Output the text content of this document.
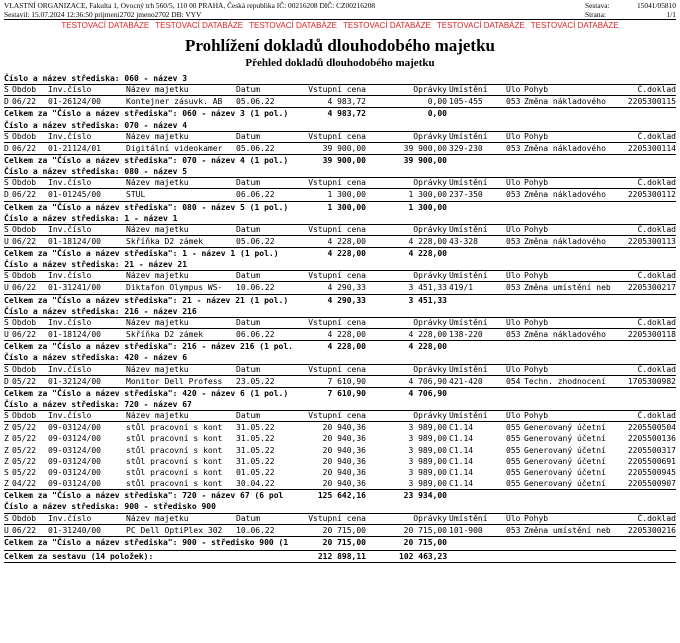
VLASTNÍ ORGANIZACE, Fakulta 1, Ovocný trh 560/5, 110 00 PRAHA, Česká republika IČ: 00216208 DIČ: CZ00216208
Sestavil: 15.07.2024 12:36:50 prijmeni2702 jmeno2702 DB: VYV
Sestava:	15041/05810
Strana:	1/1
TESTOVACÍ DATABÁZE TESTOVACÍ DATABÁZE TESTOVACÍ DATABÁZE TESTOVACÍ DATABÁZE TESTOVACÍ DATABÁZE TESTOVACÍ DATABÁZE
Prohlížení dokladů dlouhodobého majetku
Přehled dokladů dlouhodobého majetku
Číslo a název střediska: 060 - název 3
S Obdob	Inv.číslo	Název majetku	Datum	Vstupní cena	Oprávky Umístění	Úlo Pohyb	Č.doklad
D 06/22	01-26124/00	Kontejner zásuvk. AB	05.06.22	4 983,72	0,00 105-455	053 Změna nákladového	2205300115
Celkem za "Číslo a název střediska": 060 - název 3 (1 pol.)	4 983,72	0,00
Číslo a název střediska: 070 - název 4
S Obdob	Inv.číslo	Název majetku	Datum	Vstupní cena	Oprávky Umístění	Úlo Pohyb	Č.doklad
D 06/22	01-21124/01	Digitální videokamer	05.06.22	39 900,00	39 900,00 329-230	053 Změna nákladového	2205300114
Celkem za "Číslo a název střediska": 070 - název 4 (1 pol.)	39 900,00	39 900,00
Číslo a název střediska: 080 - název 5
S Obdob	Inv.číslo	Název majetku	Datum	Vstupní cena	Oprávky Umístění	Úlo Pohyb	Č.doklad
D 06/22	01-01245/00	STUL	06.06.22	1 300,00	1 300,00 237-350	053 Změna nákladového	2205300112
Celkem za "Číslo a název střediska": 080 - název 5 (1 pol.)	1 300,00	1 300,00
Číslo a název střediska: 1 - název 1
S Obdob	Inv.číslo	Název majetku	Datum	Vstupní cena	Oprávky Umístění	Úlo Pohyb	Č.doklad
U 06/22	01-18124/00	Skříňka D2 zámek	05.06.22	4 228,00	4 228,00 43-328	053 Změna nákladového	2205300113
Celkem za "Číslo a název střediska": 1 - název 1 (1 pol.)	4 228,00	4 228,00
Číslo a název střediska: 21 - název 21
S Obdob	Inv.číslo	Název majetku	Datum	Vstupní cena	Oprávky Umístění	Úlo Pohyb	Č.doklad
U 06/22	01-31241/00	Diktafon Olympus WS-	10.06.22	4 290,33	3 451,33 419/1	053 Změna umístění neb	2205300217
Celkem za "Číslo a název střediska": 21 - název 21 (1 pol.)	4 290,33	3 451,33
Číslo a název střediska: 216 - název 216
S Obdob	Inv.číslo	Název majetku	Datum	Vstupní cena	Oprávky Umístění	Úlo Pohyb	Č.doklad
U 06/22	01-18124/00	Skříňka D2 zámek	06.06.22	4 228,00	4 228,00 138-220	053 Změna nákladového	2205300118
Celkem za "Číslo a název střediska": 216 - název 216 (1 pol.	4 228,00	4 228,00
Číslo a název střediska: 420 - název 6
S Obdob	Inv.číslo	Název majetku	Datum	Vstupní cena	Oprávky Umístění	Úlo Pohyb	Č.doklad
D 05/22	01-32124/00	Monitor Dell Profess	23.05.22	7 610,90	4 706,90 421-420	054 Techn. zhodnocení	1705300982
Celkem za "Číslo a název střediska": 420 - název 6 (1 pol.)	7 610,90	4 706,90
Číslo a název střediska: 720 - název 67
S Obdob	Inv.číslo	Název majetku	Datum	Vstupní cena	Oprávky Umístění	Úlo Pohyb	Č.doklad
Z 05/22	09-03124/00	stůl pracovní s kont	31.05.22	20 940,36	3 989,00 C1.14	055 Generovaný účetní	2205500504
Z 05/22	09-03124/00	stůl pracovní s kont	31.05.22	20 940,36	3 989,00 C1.14	055 Generovaný účetní	2205500136
Z 05/22	09-03124/00	stůl pracovní s kont	31.05.22	20 940,36	3 989,00 C1.14	055 Generovaný účetní	2205500317
Z 05/22	09-03124/00	stůl pracovní s kont	31.05.22	20 940,36	3 989,00 C1.14	055 Generovaný účetní	2205500691
S 05/22	09-03124/00	stůl pracovní s kont	01.05.22	20 940,36	3 989,00 C1.14	055 Generovaný účetní	2205500945
Z 04/22	09-03124/00	stůl pracovní s kont	30.04.22	20 940,36	3 989,00 C1.14	055 Generovaný účetní	2205500907
Celkem za "Číslo a název střediska": 720 - název 67 (6 pol	125 642,16	23 934,00
Číslo a název střediska: 900 - středisko 900
S Obdob	Inv.číslo	Název majetku	Datum	Vstupní cena	Oprávky Umístění	Úlo Pohyb	Č.doklad
U 06/22	01-31240/00	PC Dell OptiPlex 302	10.06.22	20 715,00	20 715,00 101-900	053 Změna umístění neb	2205300216
Celkem za "Číslo a název střediska": 900 - středisko 900 (1	20 715,00	20 715,00
Celkem za sestavu (14 položek):	212 898,11	102 463,23
